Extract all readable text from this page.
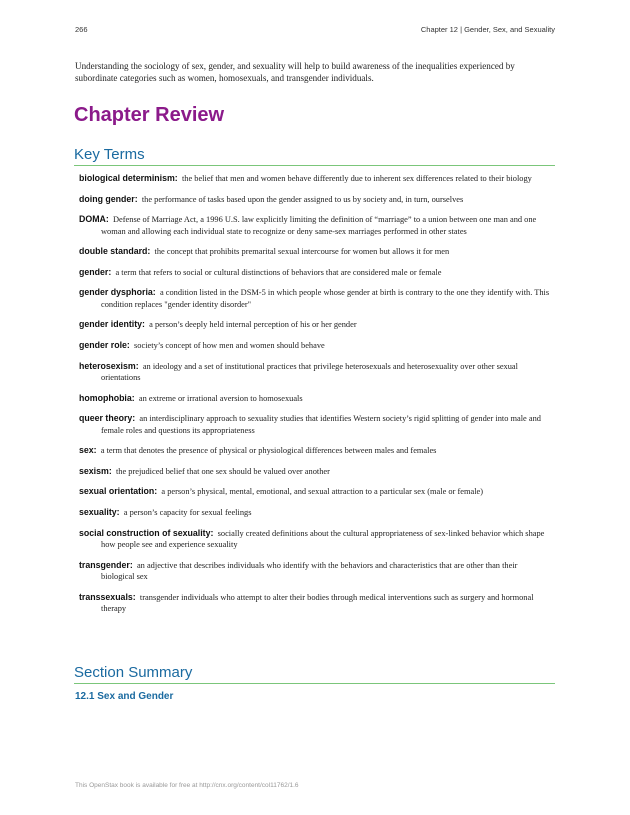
266	Chapter 12 | Gender, Sex, and Sexuality

Understanding the sociology of sex, gender, and sexuality will help to build awareness of the inequalities experienced by subordinate categories such as women, homosexuals, and transgender individuals.

Chapter Review
Key Terms
biological determinism: the belief that men and women behave differently due to inherent sex differences related to their biology
doing gender: the performance of tasks based upon the gender assigned to us by society and, in turn, ourselves
DOMA: Defense of Marriage Act, a 1996 U.S. law explicitly limiting the definition of “marriage” to a union between one man and one woman and allowing each individual state to recognize or deny same-sex marriages performed in other states
double standard: the concept that prohibits premarital sexual intercourse for women but allows it for men
gender: a term that refers to social or cultural distinctions of behaviors that are considered male or female
gender dysphoria: a condition listed in the DSM-5 in which people whose gender at birth is contrary to the one they identify with. This condition replaces "gender identity disorder"
gender identity: a person’s deeply held internal perception of his or her gender
gender role: society’s concept of how men and women should behave
heterosexism: an ideology and a set of institutional practices that privilege heterosexuals and heterosexuality over other sexual orientations
homophobia: an extreme or irrational aversion to homosexuals
queer theory: an interdisciplinary approach to sexuality studies that identifies Western society’s rigid splitting of gender into male and female roles and questions its appropriateness
sex: a term that denotes the presence of physical or physiological differences between males and females
sexism: the prejudiced belief that one sex should be valued over another
sexual orientation: a person’s physical, mental, emotional, and sexual attraction to a particular sex (male or female)
sexuality: a person’s capacity for sexual feelings
social construction of sexuality: socially created definitions about the cultural appropriateness of sex-linked behavior which shape how people see and experience sexuality
transgender: an adjective that describes individuals who identify with the behaviors and characteristics that are other than their biological sex
transsexuals: transgender individuals who attempt to alter their bodies through medical interventions such as surgery and hormonal therapy
Section Summary
12.1 Sex and Gender
This OpenStax book is available for free at http://cnx.org/content/col11762/1.6
